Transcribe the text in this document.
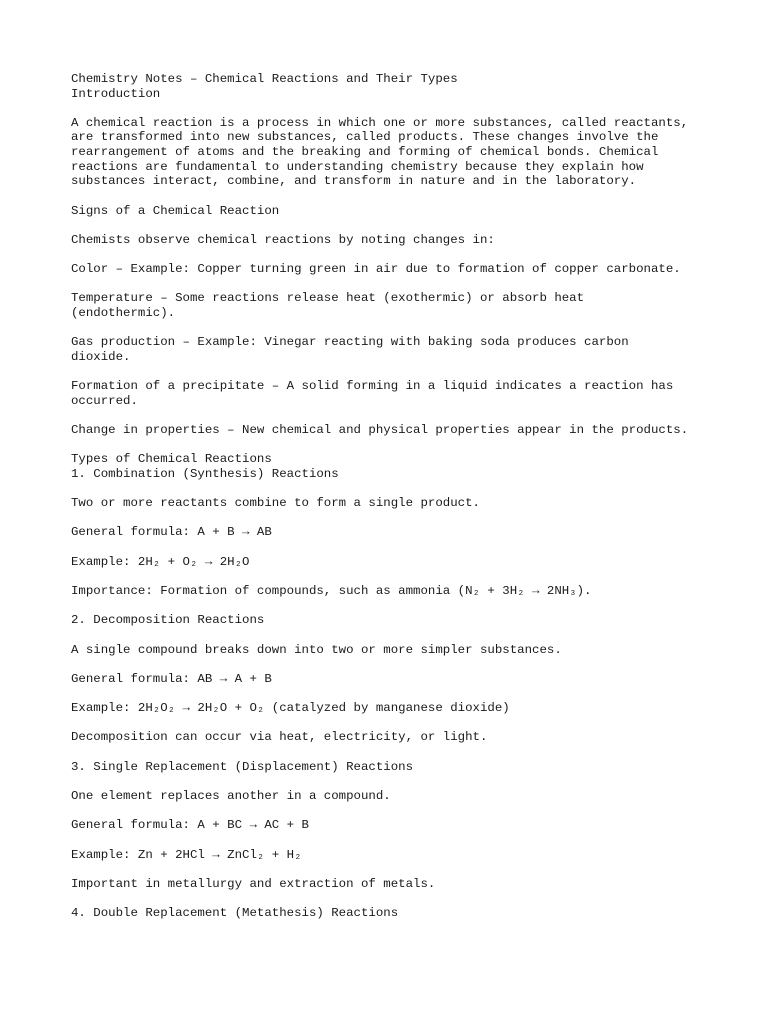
Chemistry Notes – Chemical Reactions and Their Types
Introduction
A chemical reaction is a process in which one or more substances, called reactants,
are transformed into new substances, called products. These changes involve the
rearrangement of atoms and the breaking and forming of chemical bonds. Chemical
reactions are fundamental to understanding chemistry because they explain how
substances interact, combine, and transform in nature and in the laboratory.
Signs of a Chemical Reaction
Chemists observe chemical reactions by noting changes in:
Color – Example: Copper turning green in air due to formation of copper carbonate.
Temperature – Some reactions release heat (exothermic) or absorb heat
(endothermic).
Gas production – Example: Vinegar reacting with baking soda produces carbon
dioxide.
Formation of a precipitate – A solid forming in a liquid indicates a reaction has
occurred.
Change in properties – New chemical and physical properties appear in the products.
Types of Chemical Reactions
1. Combination (Synthesis) Reactions
Two or more reactants combine to form a single product.
General formula: A + B → AB
Example: 2H₂ + O₂ → 2H₂O
Importance: Formation of compounds, such as ammonia (N₂ + 3H₂ → 2NH₃).
2. Decomposition Reactions
A single compound breaks down into two or more simpler substances.
General formula: AB → A + B
Example: 2H₂O₂ → 2H₂O + O₂ (catalyzed by manganese dioxide)
Decomposition can occur via heat, electricity, or light.
3. Single Replacement (Displacement) Reactions
One element replaces another in a compound.
General formula: A + BC → AC + B
Example: Zn + 2HCl → ZnCl₂ + H₂
Important in metallurgy and extraction of metals.
4. Double Replacement (Metathesis) Reactions
